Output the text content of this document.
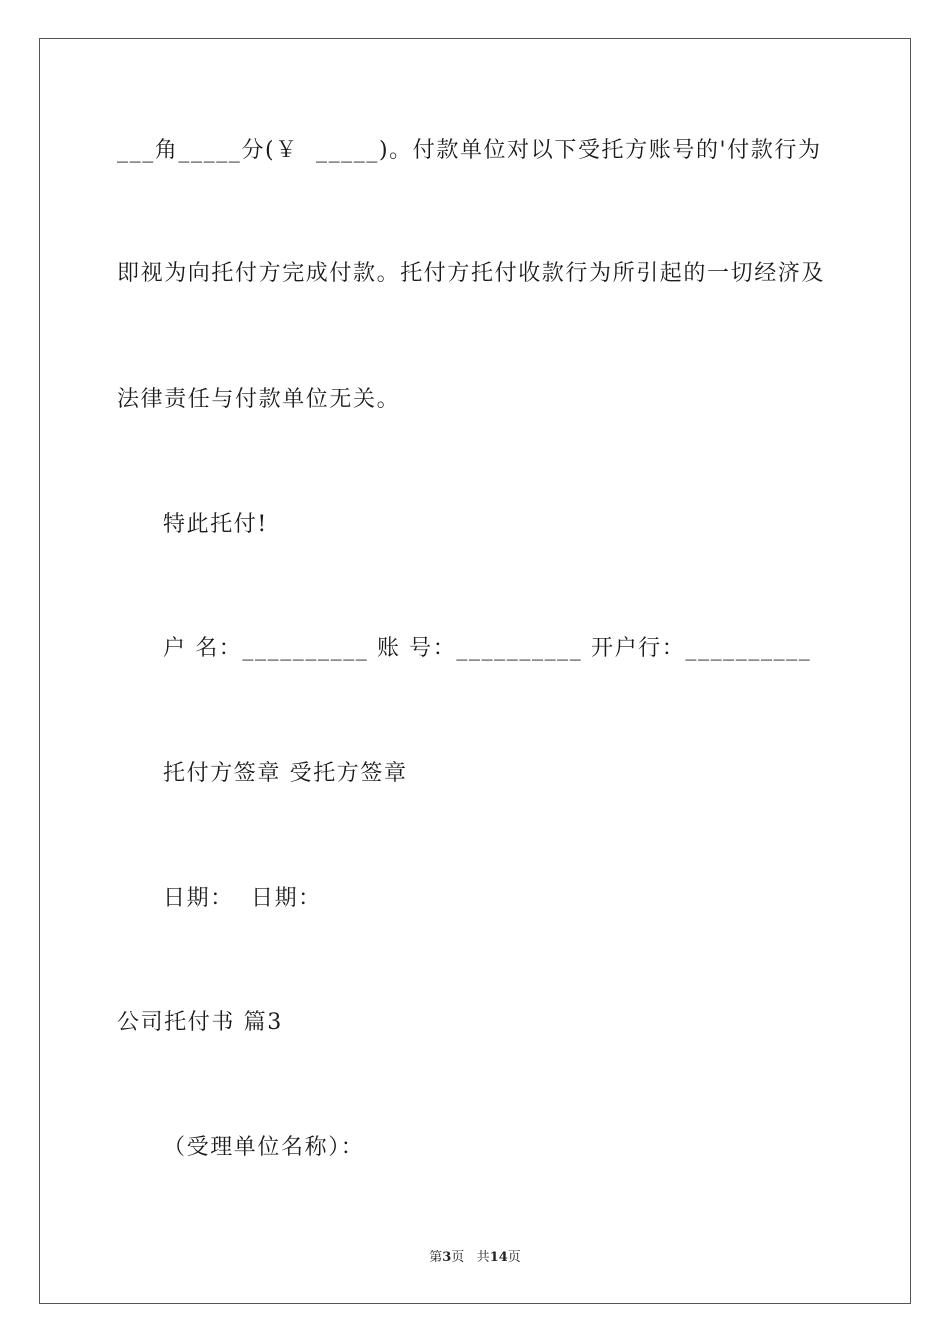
___角_____分(￥  _____)。付款单位对以下受托方账号的'付款行为
即视为向托付方完成付款。托付方托付收款行为所引起的一切经济及
法律责任与付款单位无关。
特此托付!
户 名：__________ 账 号：__________ 开户行：__________
托付方签章 受托方签章
日期：  日期：
公司托付书 篇3
（受理单位名称）：
第3页 共14页
